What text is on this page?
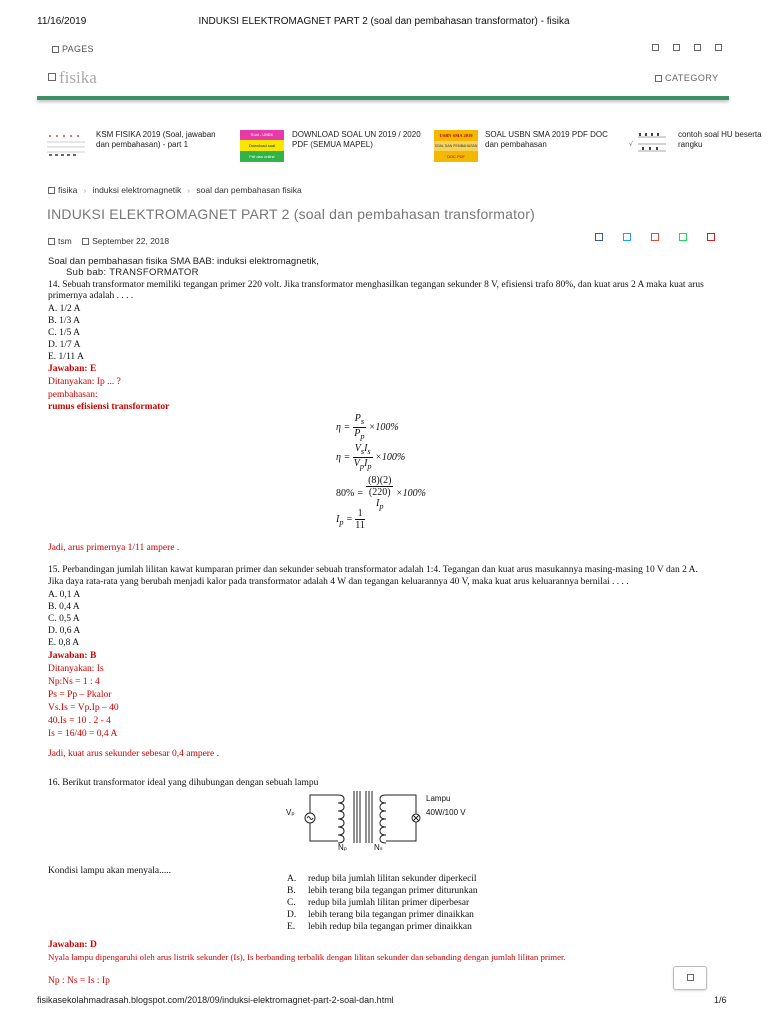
11/16/2019	INDUKSI ELEKTROMAGNET PART 2 (soal dan pembahasan transformator) - fisika
PAGES
fisika	CATEGORY
KSM FISIKA 2019 (Soal, jawaban dan pembahasan) - part 1
Soal - UNBK
Download soal
Pdf dan online
DOWNLOAD SOAL UN 2019 / 2020 PDF (SEMUA MAPEL)
USBN SMA 2019
SOAL DAN PEMBAHASAN
DOC PDF
SOAL USBN SMA 2019 PDF DOC dan pembahasan	√
contoh soal HU beserta rangku
fisika › induksi elektromagnetik › soal dan pembahasan fisika
INDUKSI ELEKTROMAGNET PART 2 (soal dan pembahasan transformator)
tsm September 22, 2018
Soal dan pembahasan fisika SMA BAB: induksi elektromagnetik,
Sub bab: TRANSFORMATOR
14. Sebuah transformator memiliki tegangan primer 220 volt. Jika transformator menghasilkan tegangan sekunder 8 V, efisiensi trafo 80%, dan kuat arus 2 A maka kuat arus
primernya adalah . . . .
A. 1/2 A
B. 1/3 A
C. 1/5 A
D. 1/7 A
E. 1/11 A
Jawaban: E
Ditanyakan: Ip ... ?
pembahasan:
rumus efisiensi transformator
$\eta = \frac{P_s}{P_p} \times 100\%$
$\eta = \frac{V_sI_s}{V_pI_p} \times 100\%$
80% = (8)(2)
(220)
$I_p \times 100\%$
$I_p = \frac{1}{11}$
Jadi, arus primernya 1/11 ampere .
15. Perbandingan jumlah lilitan kawat kumparan primer dan sekunder sebuah transformator adalah 1:4. Tegangan dan kuat arus masukannya masing-masing 10 V dan 2 A.
Jika daya rata-rata yang berubah menjadi kalor pada transformator adalah 4 W dan tegangan keluarannya 40 V, maka kuat arus keluarannya bernilai . . . .
A. 0,1 A
B. 0,4 A
C. 0,5 A
D. 0,6 A
E. 0,8 A
Jawaban: B
Ditanyakan: Is
Np:Ns = 1 : 4
Ps = Pp – Pkalor
Vs.Is = Vp.Ip – 40
40.Is = 10 . 2 - 4
Is = 16/40 = 0,4 A
Jadi, kuat arus sekunder sebesar 0,4 ampere .
16. Berikut transformator ideal yang dihubungan dengan sebuah lampu
Vₚ
Nₚ	Nₛ
Lampu
40W/100 V
Kondisi lampu akan menyala.....
A. redup bila jumlah lilitan sekunder diperkecil
B. lebih terang bila tegangan primer diturunkan
C. redup bila jumlah lilitan primer diperbesar
D. lebih terang bila tegangan primer dinaikkan
E. lebih redup bila tegangan primer dinaikkan
Jawaban: D
Nyala lampu dipengaruhi oleh arus listrik sekunder (Is), Is berbanding terbalik dengan lilitan sekunder dan sebanding dengan jumlah lilitan primer.
Np : Ns = Is : Ip
fisikasekolahmadrasah.blogspot.com/2018/09/induksi-elektromagnet-part-2-soal-dan.html	1/6
